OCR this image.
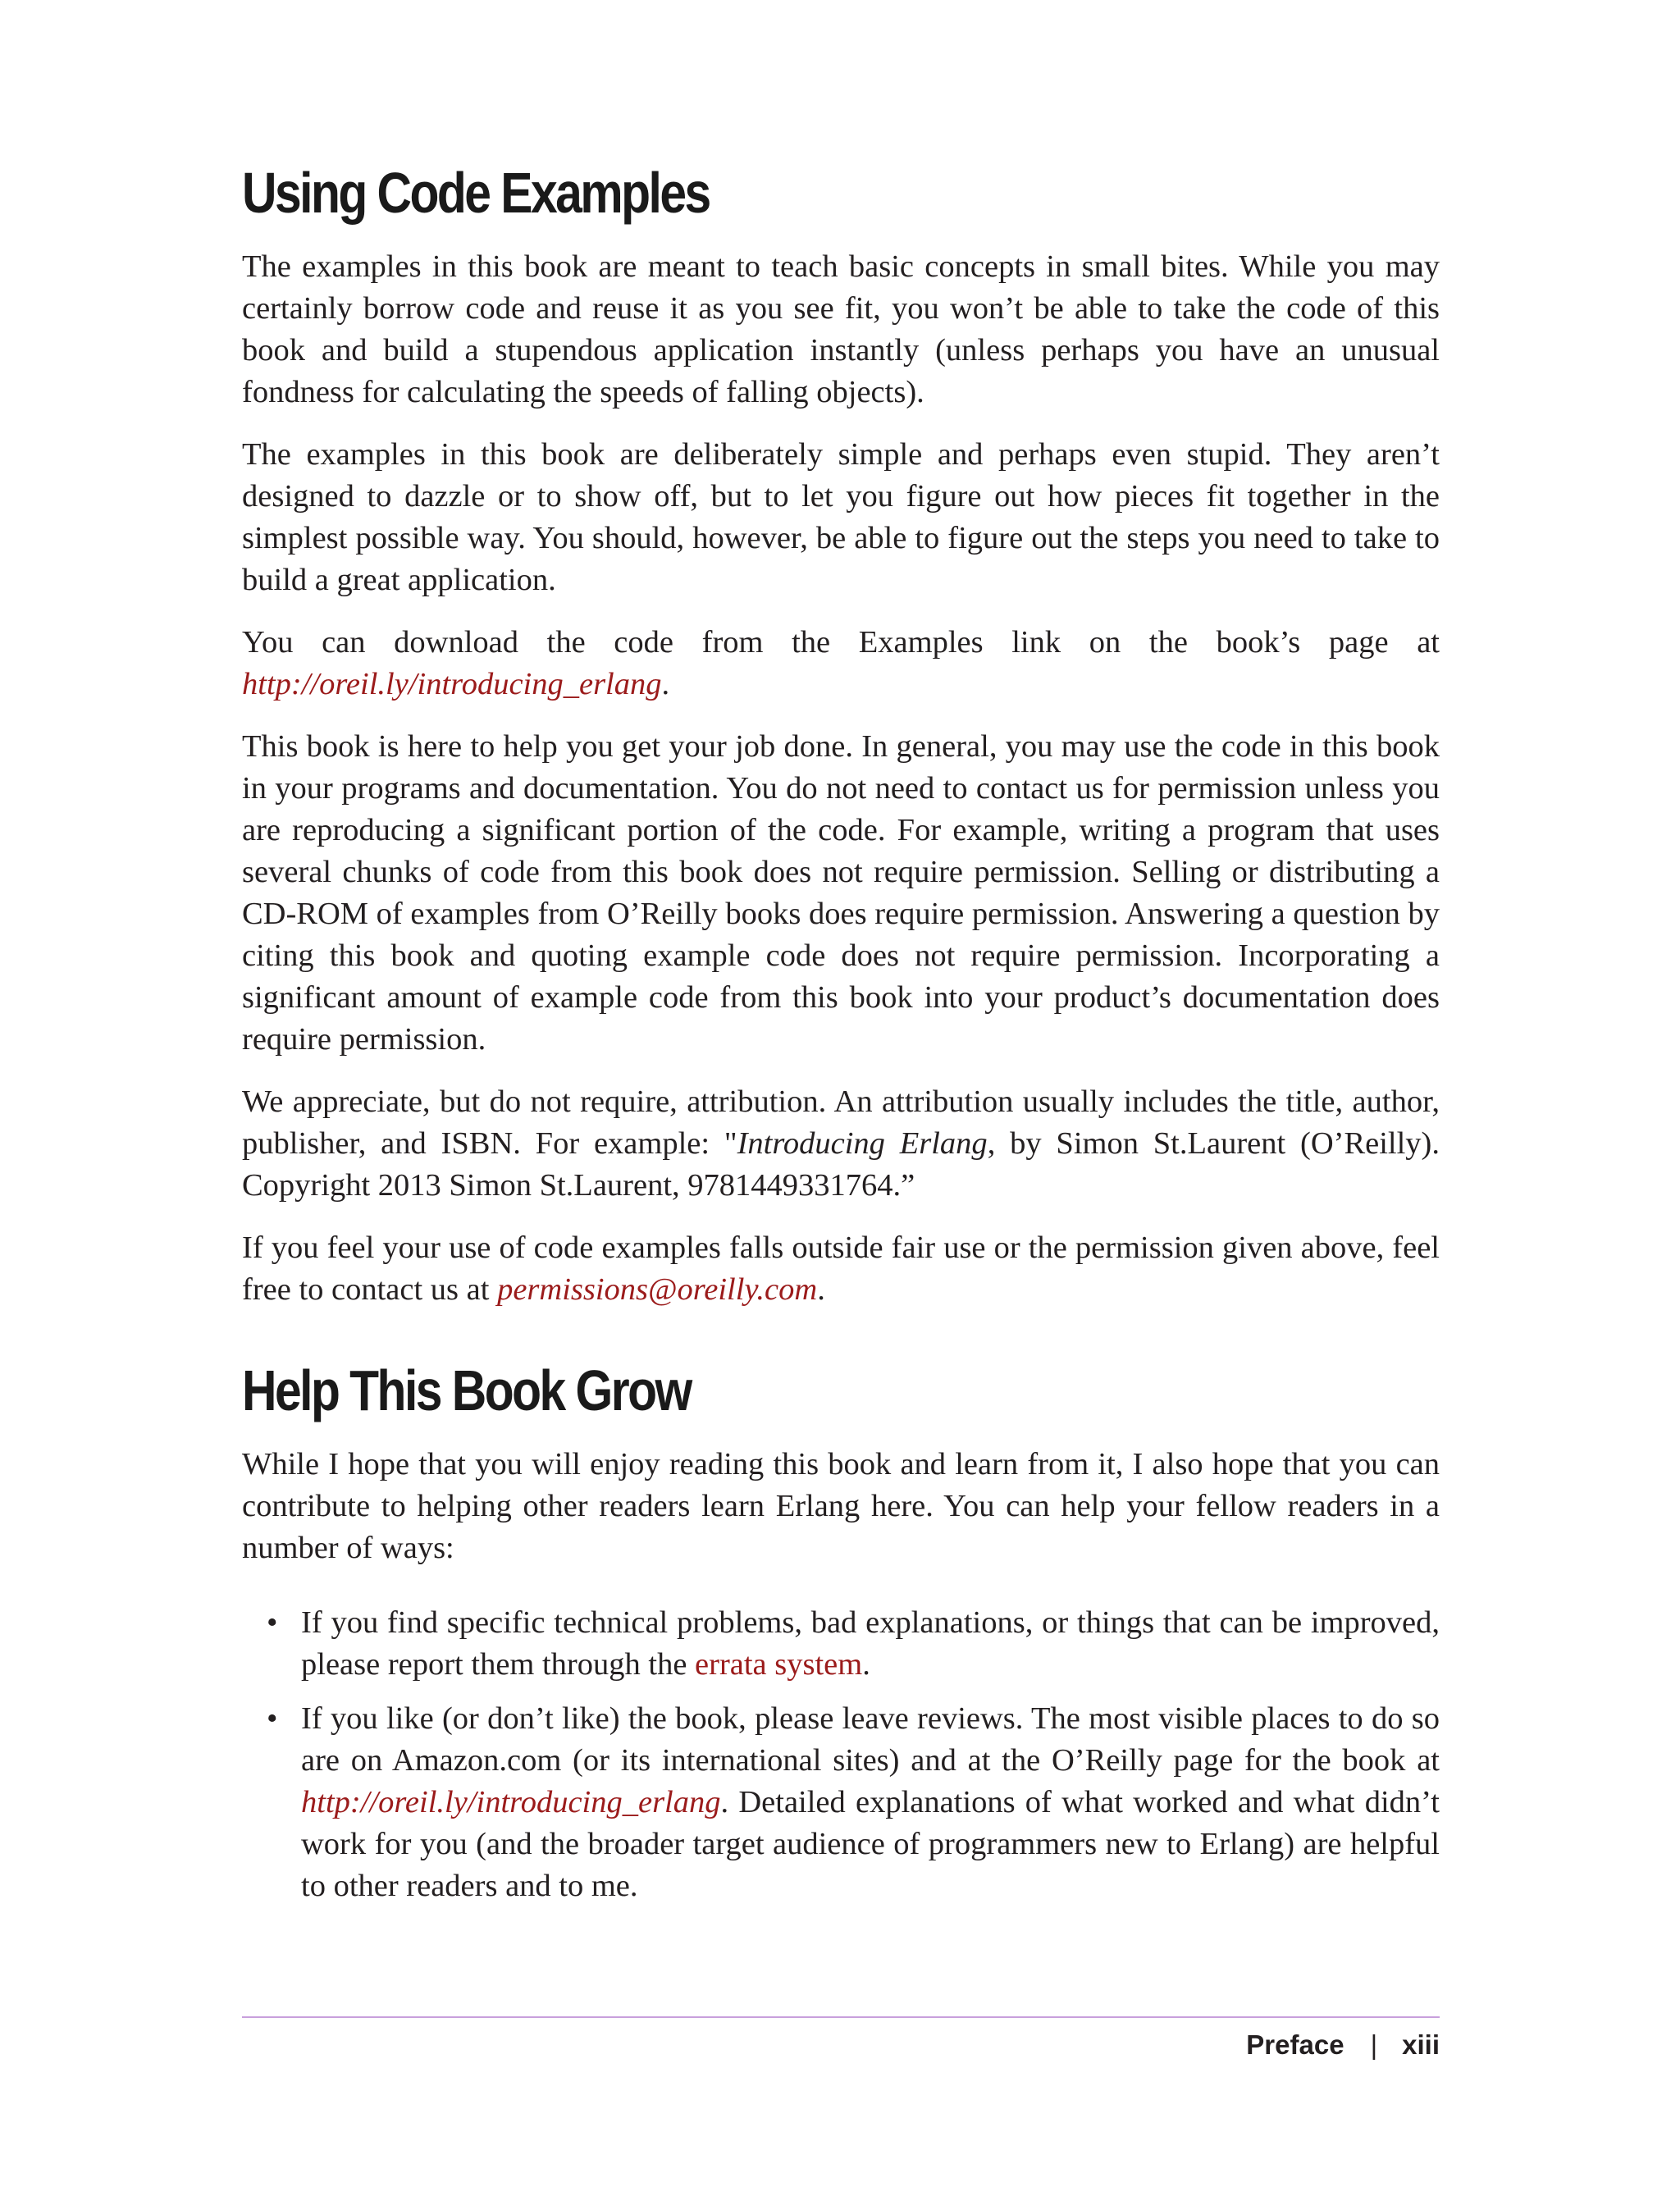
Using Code Examples

The examples in this book are meant to teach basic concepts in small bites. While you may certainly borrow code and reuse it as you see fit, you won’t be able to take the code of this book and build a stupendous application instantly (unless perhaps you have an unusual fondness for calculating the speeds of falling objects).

The examples in this book are deliberately simple and perhaps even stupid. They aren’t designed to dazzle or to show off, but to let you figure out how pieces fit together in the simplest possible way. You should, however, be able to figure out the steps you need to take to build a great application.

You can download the code from the Examples link on the book’s page at http://oreil.ly/introducing_erlang.

This book is here to help you get your job done. In general, you may use the code in this book in your programs and documentation. You do not need to contact us for permission unless you are reproducing a significant portion of the code. For example, writing a program that uses several chunks of code from this book does not require permission. Selling or distributing a CD-ROM of examples from O’Reilly books does require permission. Answering a question by citing this book and quoting example code does not require permission. Incorporating a significant amount of example code from this book into your product’s documentation does require permission.

We appreciate, but do not require, attribution. An attribution usually includes the title, author, publisher, and ISBN. For example: "Introducing Erlang, by Simon St.Laurent (O’Reilly). Copyright 2013 Simon St.Laurent, 9781449331764.”

If you feel your use of code examples falls outside fair use or the permission given above, feel free to contact us at permissions@oreilly.com.

Help This Book Grow

While I hope that you will enjoy reading this book and learn from it, I also hope that you can contribute to helping other readers learn Erlang here. You can help your fellow readers in a number of ways:

• If you find specific technical problems, bad explanations, or things that can be improved, please report them through the errata system.
• If you like (or don’t like) the book, please leave reviews. The most visible places to do so are on Amazon.com (or its international sites) and at the O’Reilly page for the book at http://oreil.ly/introducing_erlang. Detailed explanations of what worked and what didn’t work for you (and the broader target audience of programmers new to Erlang) are helpful to other readers and to me.
Preface | xiii
